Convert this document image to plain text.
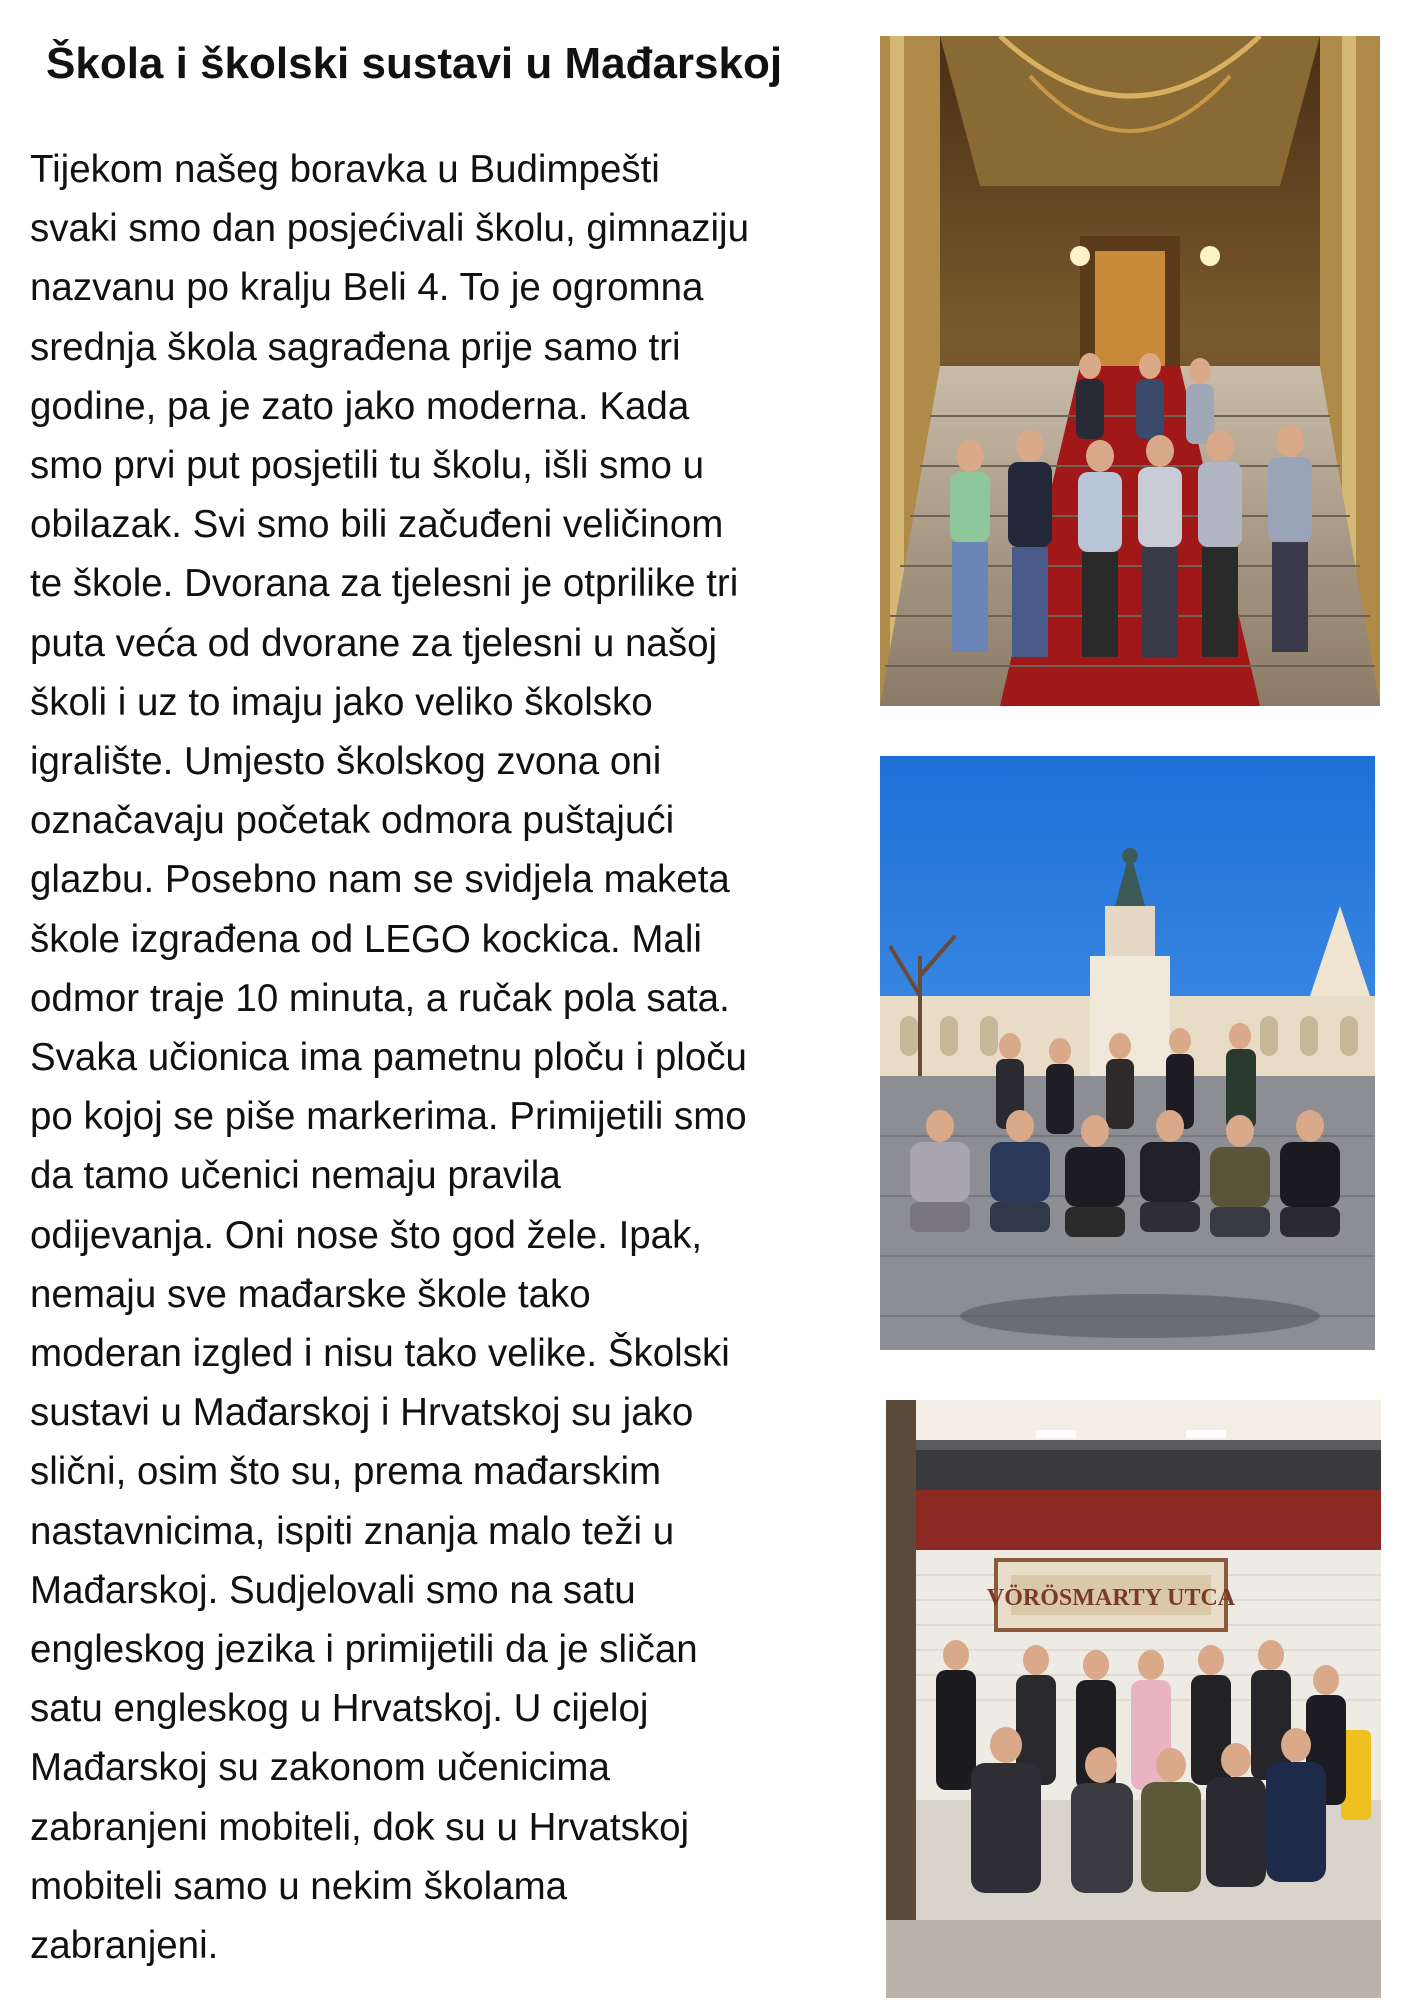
Škola i školski sustavi u Mađarskoj
Tijekom našeg boravka u Budimpešti
svaki smo dan posjećivali školu, gimnaziju
nazvanu po kralju Beli 4. To je ogromna
srednja škola sagrađena prije samo tri
godine, pa je zato jako moderna. Kada
smo prvi put posjetili tu školu, išli smo u
obilazak. Svi smo bili začuđeni veličinom
te škole. Dvorana za tjelesni je otprilike tri
puta veća od dvorane za tjelesni u našoj
školi i uz to imaju jako veliko školsko
igralište. Umjesto školskog zvona oni
označavaju početak odmora puštajući
glazbu. Posebno nam se svidjela maketa
škole izgrađena od LEGO kockica. Mali
odmor traje 10 minuta, a ručak pola sata.
Svaka učionica ima pametnu ploču i ploču
po kojoj se piše markerima. Primijetili smo
da tamo učenici nemaju pravila
odijevanja. Oni nose što god žele. Ipak,
nemaju sve mađarske škole tako
moderan izgled i nisu tako velike. Školski
sustavi u Mađarskoj i Hrvatskoj su jako
slični, osim što su, prema mađarskim
nastavnicima, ispiti znanja malo teži u
Mađarskoj. Sudjelovali smo na satu
engleskog jezika i primijetili da je sličan
satu engleskog u Hrvatskoj. U cijeloj
Mađarskoj su zakonom učenicima
zabranjeni mobiteli, dok su u Hrvatskoj
mobiteli samo u nekim školama
zabranjeni.
VÖRÖSMARTY UTCA
